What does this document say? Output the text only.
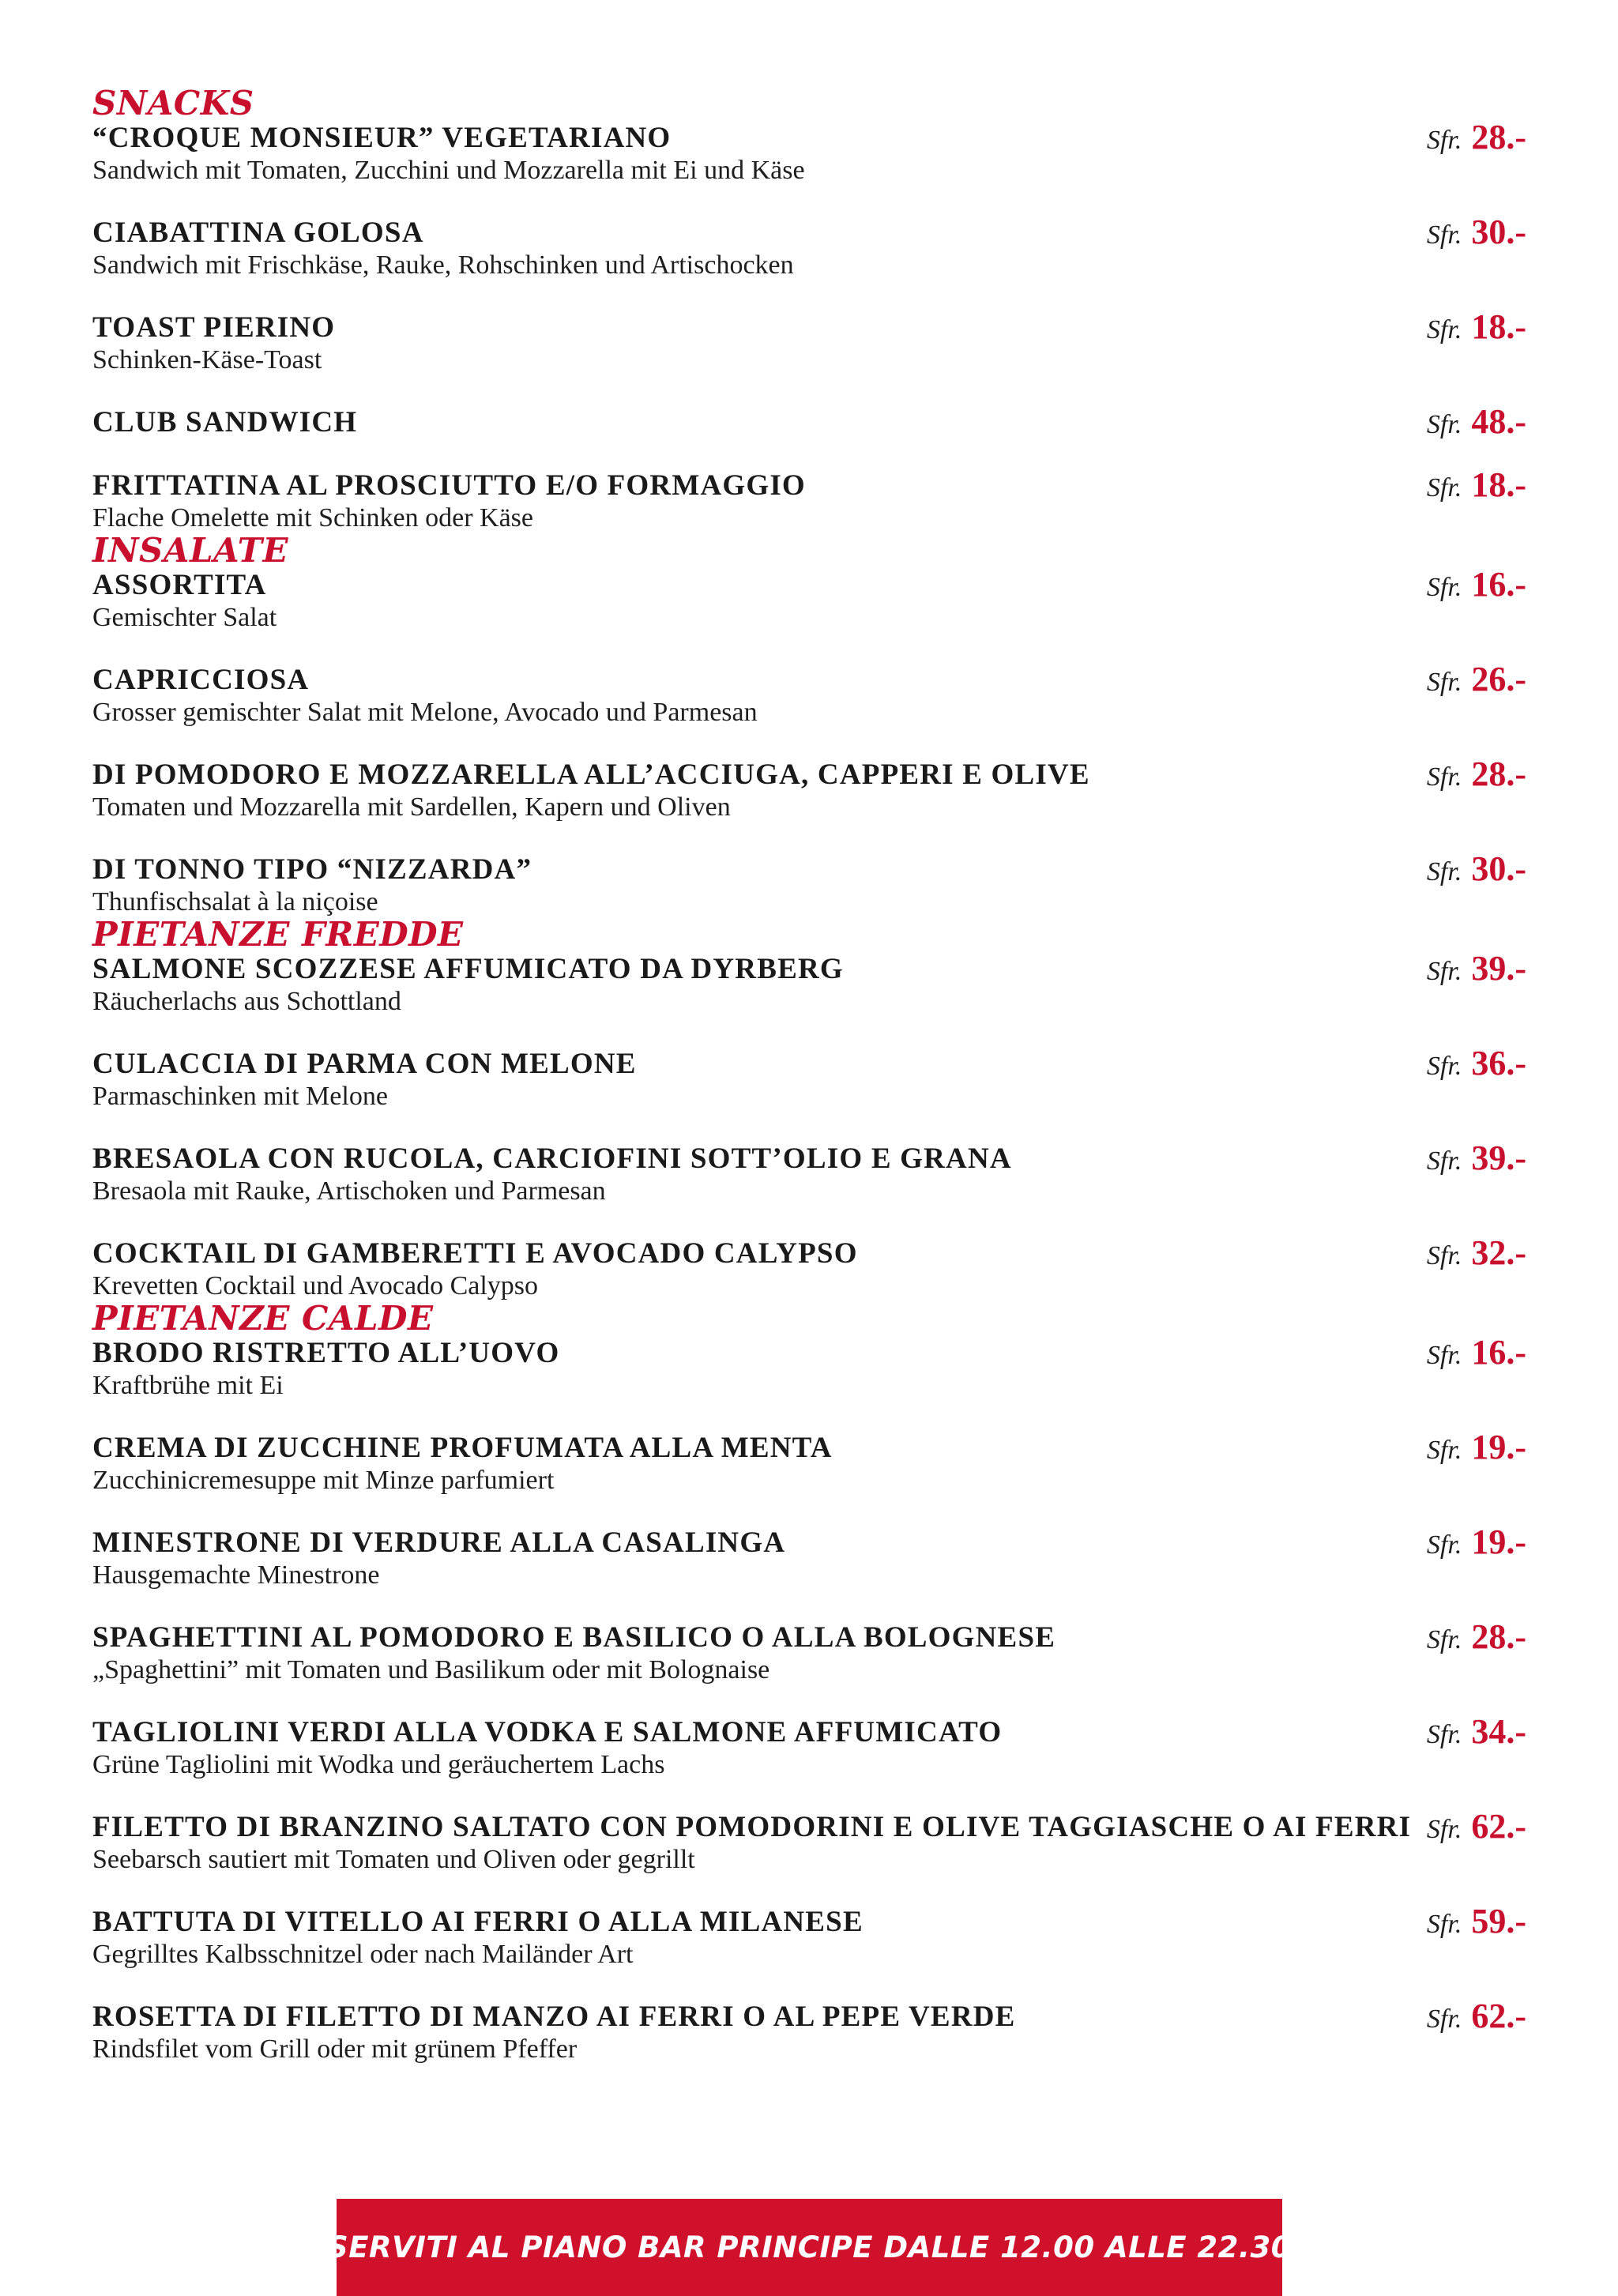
SNACKS
“CROQUE MONSIEUR” VEGETARIANO
Sandwich mit Tomaten, Zucchini und Mozzarella mit Ei und Käse
Sfr. 28.-
CIABATTINA GOLOSA
Sandwich mit Frischkäse, Rauke, Rohschinken und Artischocken
Sfr. 30.-
TOAST PIERINO
Schinken-Käse-Toast
Sfr. 18.-
CLUB SANDWICH	Sfr. 48.-
FRITTATINA AL PROSCIUTTO E/O FORMAGGIO
Flache Omelette mit Schinken oder Käse
Sfr. 18.-
INSALATE
ASSORTITA
Gemischter Salat
Sfr. 16.-
CAPRICCIOSA
Grosser gemischter Salat mit Melone, Avocado und Parmesan
Sfr. 26.-
DI POMODORO E MOZZARELLA ALL’ACCIUGA, CAPPERI E OLIVE
Tomaten und Mozzarella mit Sardellen, Kapern und Oliven
Sfr. 28.-
DI TONNO TIPO “NIZZARDA”
Thunfischsalat à la niçoise
Sfr. 30.-
PIETANZE FREDDE
SALMONE SCOZZESE AFFUMICATO DA DYRBERG
Räucherlachs aus Schottland
Sfr. 39.-
CULACCIA DI PARMA CON MELONE
Parmaschinken mit Melone
Sfr. 36.-
BRESAOLA CON RUCOLA, CARCIOFINI SOTT’OLIO E GRANA
Bresaola mit Rauke, Artischoken und Parmesan
Sfr. 39.-
COCKTAIL DI GAMBERETTI E AVOCADO CALYPSO
Krevetten Cocktail und Avocado Calypso
Sfr. 32.-
PIETANZE CALDE
BRODO RISTRETTO ALL’UOVO
Kraftbrühe mit Ei
Sfr. 16.-
CREMA DI ZUCCHINE PROFUMATA ALLA MENTA
Zucchinicremesuppe mit Minze parfumiert
Sfr. 19.-
MINESTRONE DI VERDURE ALLA CASALINGA
Hausgemachte Minestrone
Sfr. 19.-
SPAGHETTINI AL POMODORO E BASILICO O ALLA BOLOGNESE
„Spaghettini” mit Tomaten und Basilikum oder mit Bolognaise
Sfr. 28.-
TAGLIOLINI VERDI ALLA VODKA E SALMONE AFFUMICATO
Grüne Tagliolini mit Wodka und geräuchertem Lachs
Sfr. 34.-
FILETTO DI BRANZINO SALTATO CON POMODORINI E OLIVE TAGGIASCHE O AI FERRI
Seebarsch sautiert mit Tomaten und Oliven oder gegrillt
Sfr. 62.-
BATTUTA DI VITELLO AI FERRI O ALLA MILANESE
Gegrilltes Kalbsschnitzel oder nach Mailänder Art
Sfr. 59.-
ROSETTA DI FILETTO DI MANZO AI FERRI O AL PEPE VERDE
Rindsfilet vom Grill oder mit grünem Pfeffer
Sfr. 62.-
SERVITI AL PIANO BAR PRINCIPE DALLE 12.00 ALLE 22.30
